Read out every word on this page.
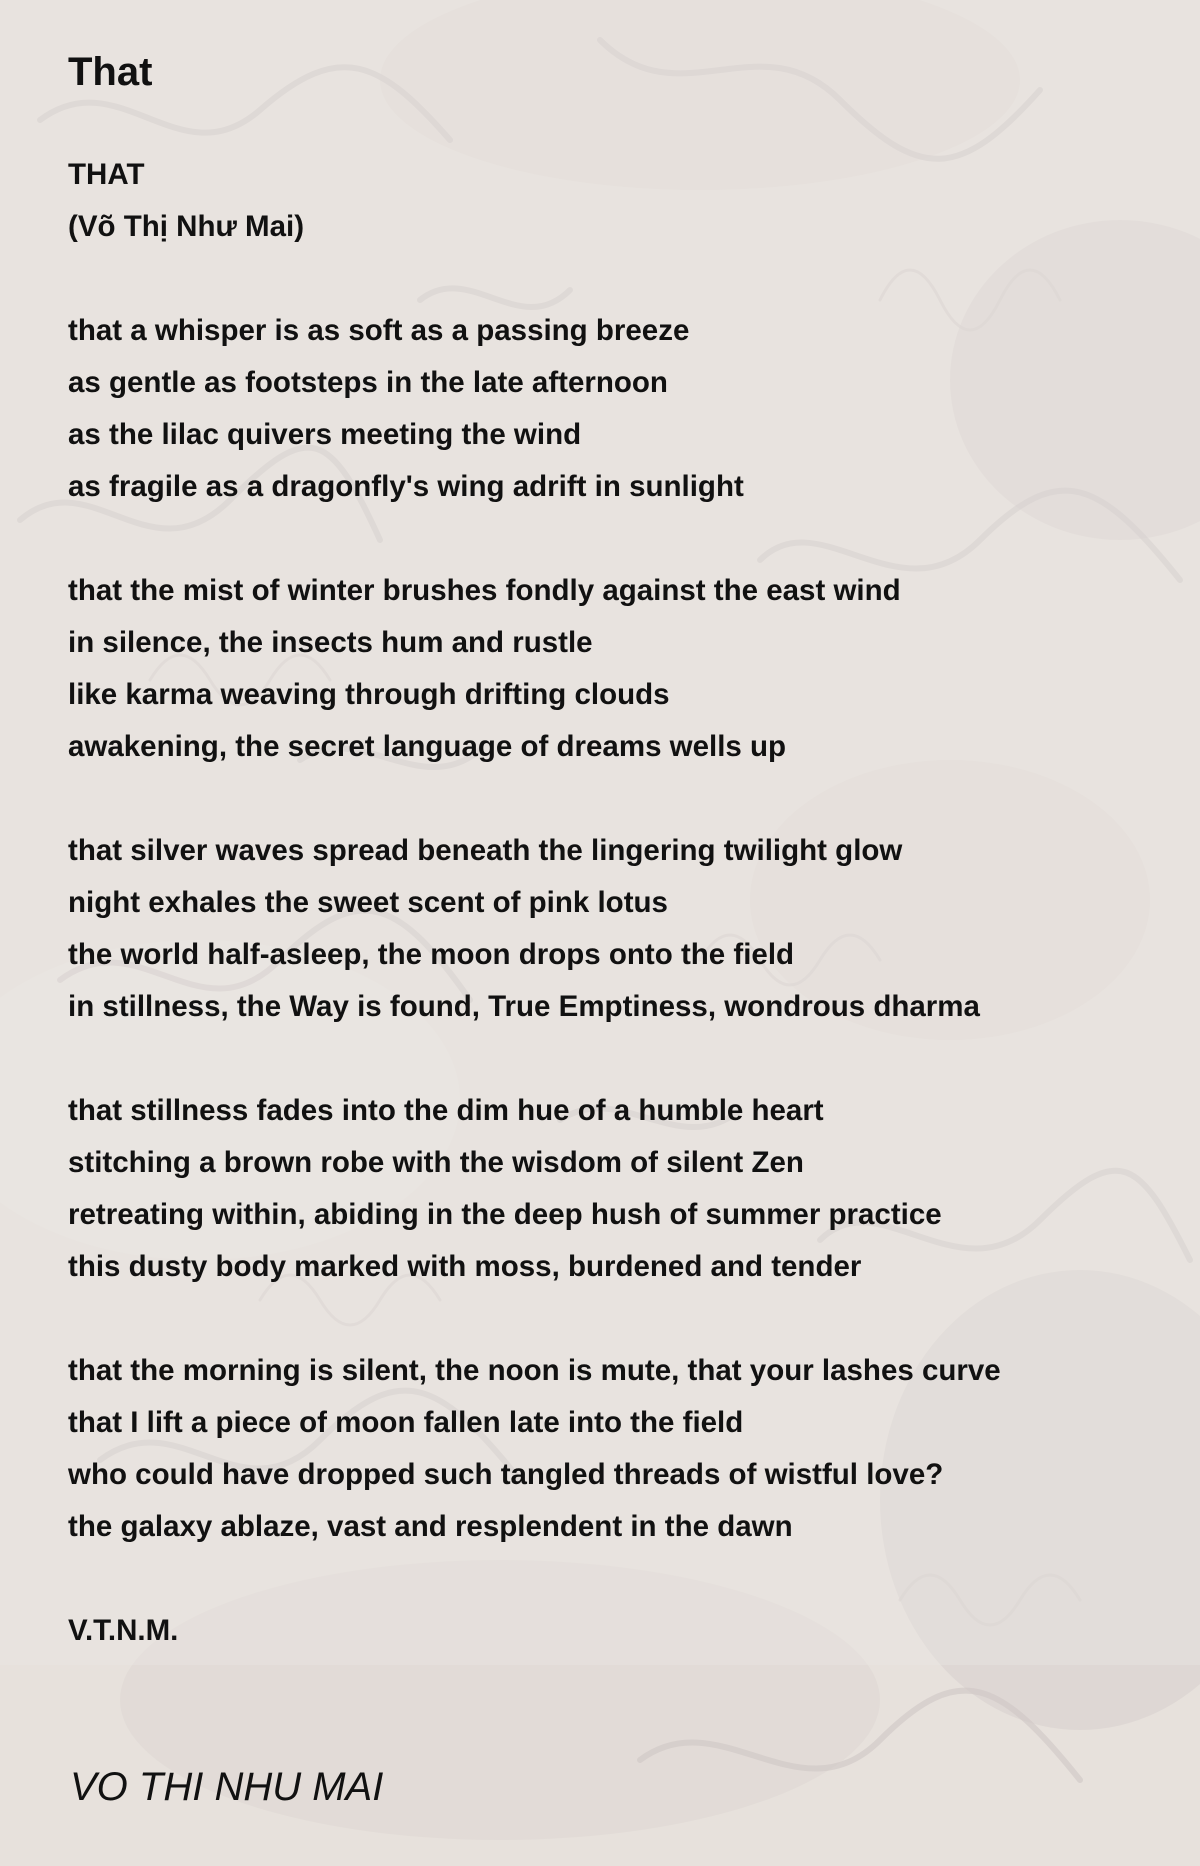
That
THAT
(Võ Thị Như Mai)
that a whisper is as soft as a passing breeze
as gentle as footsteps in the late afternoon
as the lilac quivers meeting the wind
as fragile as a dragonfly's wing adrift in sunlight
that the mist of winter brushes fondly against the east wind
in silence, the insects hum and rustle
like karma weaving through drifting clouds
awakening, the secret language of dreams wells up
that silver waves spread beneath the lingering twilight glow
night exhales the sweet scent of pink lotus
the world half-asleep, the moon drops onto the field
in stillness, the Way is found, True Emptiness, wondrous dharma
that stillness fades into the dim hue of a humble heart
stitching a brown robe with the wisdom of silent Zen
retreating within, abiding in the deep hush of summer practice
this dusty body marked with moss, burdened and tender
that the morning is silent, the noon is mute, that your lashes curve
that I lift a piece of moon fallen late into the field
who could have dropped such tangled threads of wistful love?
the galaxy ablaze, vast and resplendent in the dawn
V.T.N.M.
VO THI NHU MAI
